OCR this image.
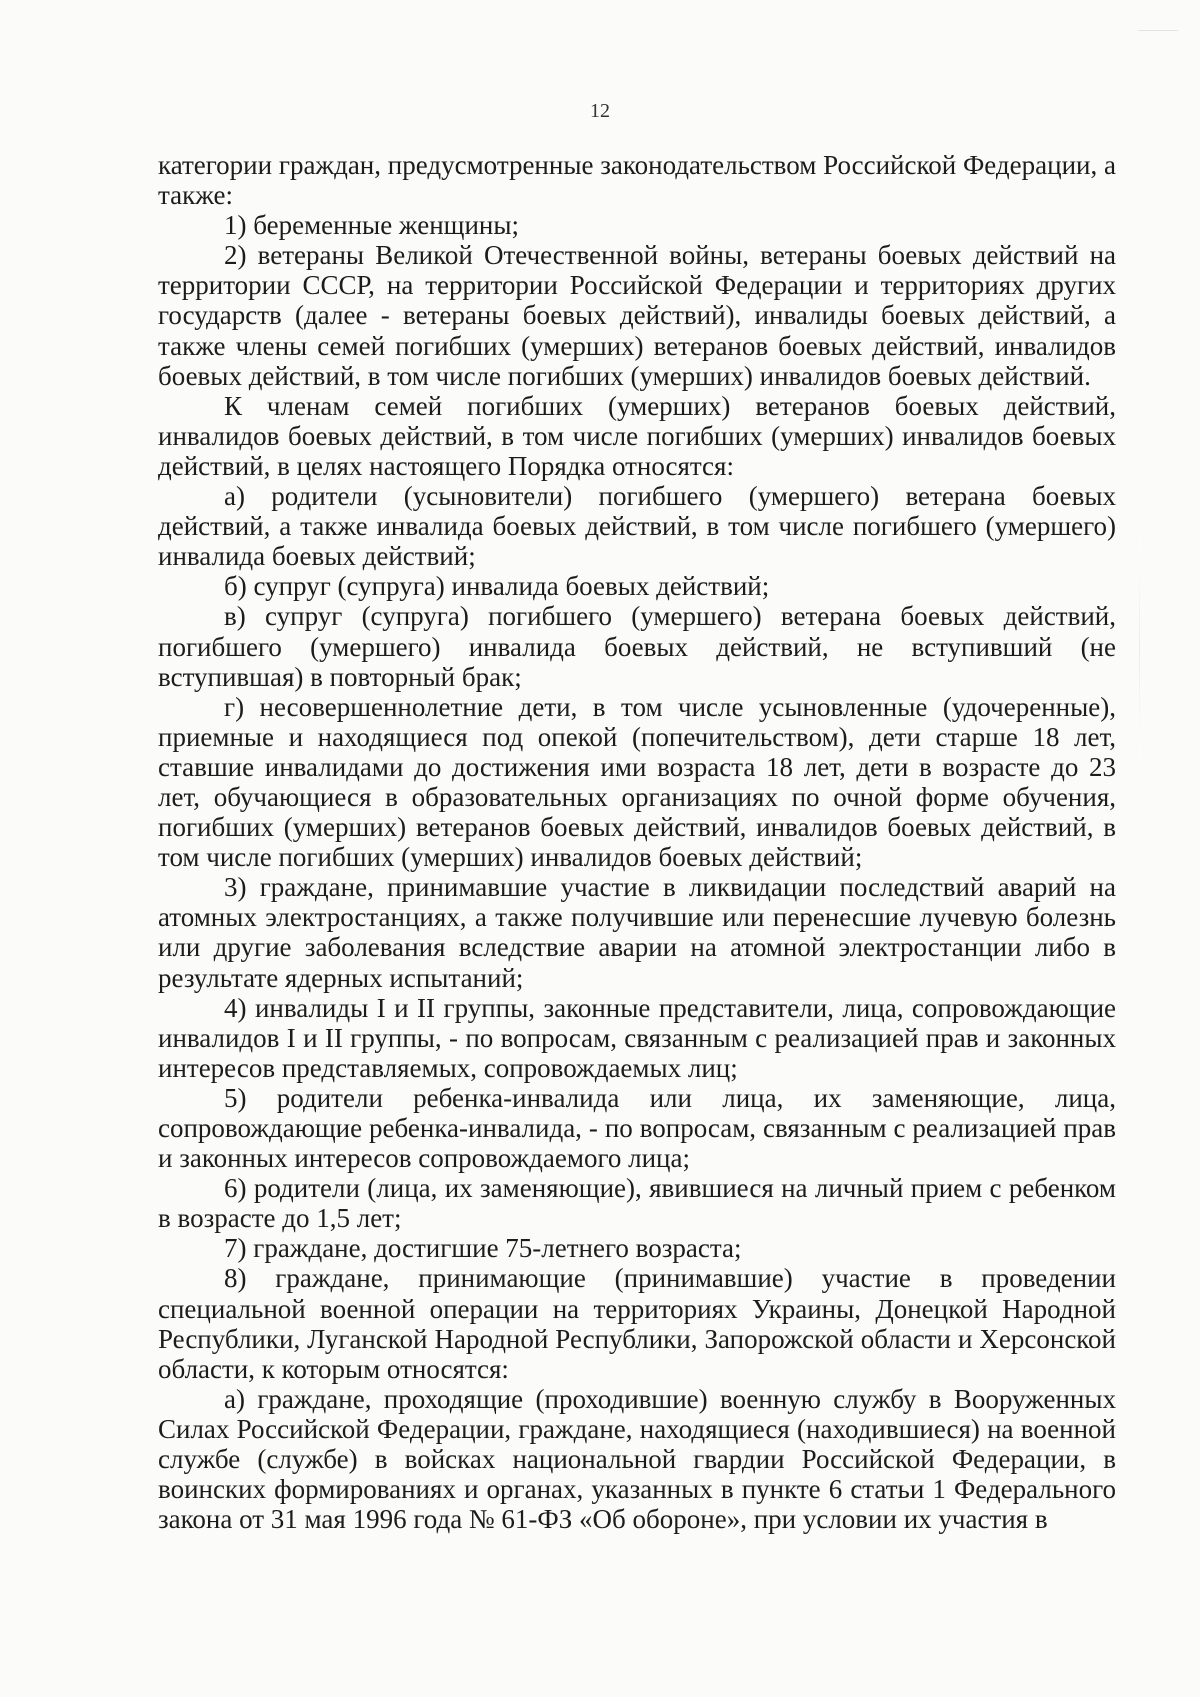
12

категории граждан, предусмотренные законодательством Российской Федерации, а также:

1) беременные женщины;

2) ветераны Великой Отечественной войны, ветераны боевых действий на территории СССР, на территории Российской Федерации и территориях других государств (далее - ветераны боевых действий), инвалиды боевых действий, а также члены семей погибших (умерших) ветеранов боевых действий, инвалидов боевых действий, в том числе погибших (умерших) инвалидов боевых действий.

К членам семей погибших (умерших) ветеранов боевых действий, инвалидов боевых действий, в том числе погибших (умерших) инвалидов боевых действий, в целях настоящего Порядка относятся:

а) родители (усыновители) погибшего (умершего) ветерана боевых действий, а также инвалида боевых действий, в том числе погибшего (умершего) инвалида боевых действий;

б) супруг (супруга) инвалида боевых действий;

в) супруг (супруга) погибшего (умершего) ветерана боевых действий, погибшего (умершего) инвалида боевых действий, не вступивший (не вступившая) в повторный брак;

г) несовершеннолетние дети, в том числе усыновленные (удочеренные), приемные и находящиеся под опекой (попечительством), дети старше 18 лет, ставшие инвалидами до достижения ими возраста 18 лет, дети в возрасте до 23 лет, обучающиеся в образовательных организациях по очной форме обучения, погибших (умерших) ветеранов боевых действий, инвалидов боевых действий, в том числе погибших (умерших) инвалидов боевых действий;

3) граждане, принимавшие участие в ликвидации последствий аварий на атомных электростанциях, а также получившие или перенесшие лучевую болезнь или другие заболевания вследствие аварии на атомной электростанции либо в результате ядерных испытаний;

4) инвалиды I и II группы, законные представители, лица, сопровождающие инвалидов I и II группы, - по вопросам, связанным с реализацией прав и законных интересов представляемых, сопровождаемых лиц;

5) родители ребенка-инвалида или лица, их заменяющие, лица, сопровождающие ребенка-инвалида, - по вопросам, связанным с реализацией прав и законных интересов сопровождаемого лица;

6) родители (лица, их заменяющие), явившиеся на личный прием с ребенком в возрасте до 1,5 лет;

7) граждане, достигшие 75-летнего возраста;

8) граждане, принимающие (принимавшие) участие в проведении специальной военной операции на территориях Украины, Донецкой Народной Республики, Луганской Народной Республики, Запорожской области и Херсонской области, к которым относятся:

а) граждане, проходящие (проходившие) военную службу в Вооруженных Силах Российской Федерации, граждане, находящиеся (находившиеся) на военной службе (службе) в войсках национальной гвардии Российской Федерации, в воинских формированиях и органах, указанных в пункте 6 статьи 1 Федерального закона от 31 мая 1996 года № 61-ФЗ «Об обороне», при условии их участия в
